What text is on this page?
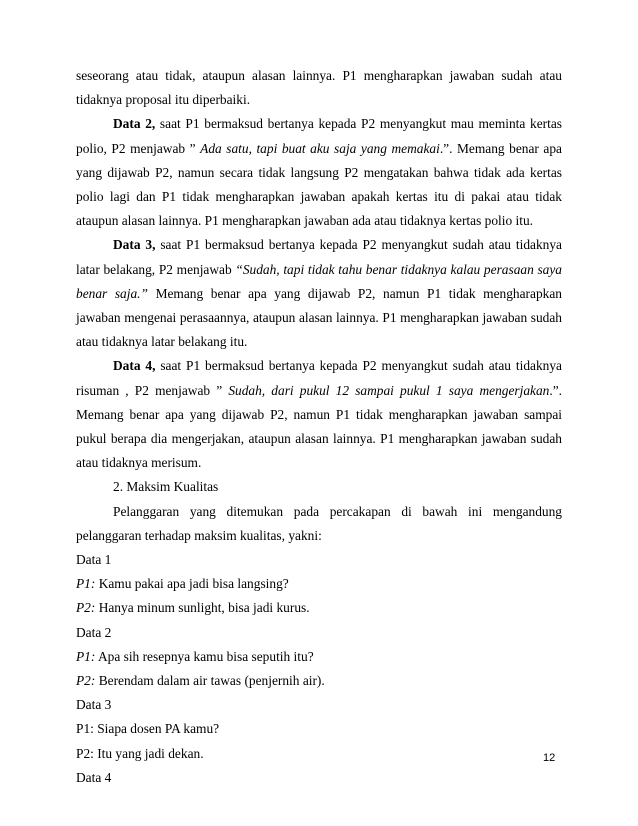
seseorang atau tidak, ataupun alasan lainnya. P1 mengharapkan jawaban sudah atau tidaknya proposal itu diperbaiki.

Data 2, saat P1 bermaksud bertanya kepada P2 menyangkut mau meminta kertas polio, P2 menjawab ” Ada satu, tapi buat aku saja yang memakai.”. Memang benar apa yang dijawab P2, namun secara tidak langsung P2 mengatakan bahwa tidak ada kertas polio lagi dan P1 tidak mengharapkan jawaban apakah kertas itu di pakai atau tidak ataupun alasan lainnya. P1 mengharapkan jawaban ada atau tidaknya kertas polio itu.

Data 3, saat P1 bermaksud bertanya kepada P2 menyangkut sudah atau tidaknya latar belakang, P2 menjawab “Sudah, tapi tidak tahu benar tidaknya kalau perasaan saya benar saja.” Memang benar apa yang dijawab P2, namun P1 tidak mengharapkan jawaban mengenai perasaannya, ataupun alasan lainnya. P1 mengharapkan jawaban sudah atau tidaknya latar belakang itu.

Data 4, saat P1 bermaksud bertanya kepada P2 menyangkut sudah atau tidaknya risuman , P2 menjawab ” Sudah, dari pukul 12 sampai pukul 1 saya mengerjakan.”. Memang benar apa yang dijawab P2, namun P1 tidak mengharapkan jawaban sampai pukul berapa dia mengerjakan, ataupun alasan lainnya. P1 mengharapkan jawaban sudah atau tidaknya merisum.

2. Maksim Kualitas

Pelanggaran yang ditemukan pada percakapan di bawah ini mengandung pelanggaran terhadap maksim kualitas, yakni:

Data 1

P1: Kamu pakai apa jadi bisa langsing?

P2: Hanya minum sunlight, bisa jadi kurus.

Data 2

P1: Apa sih resepnya kamu bisa seputih itu?

P2: Berendam dalam air tawas (penjernih air).

Data 3

P1: Siapa dosen PA kamu?

P2: Itu yang jadi dekan.

Data 4

12
